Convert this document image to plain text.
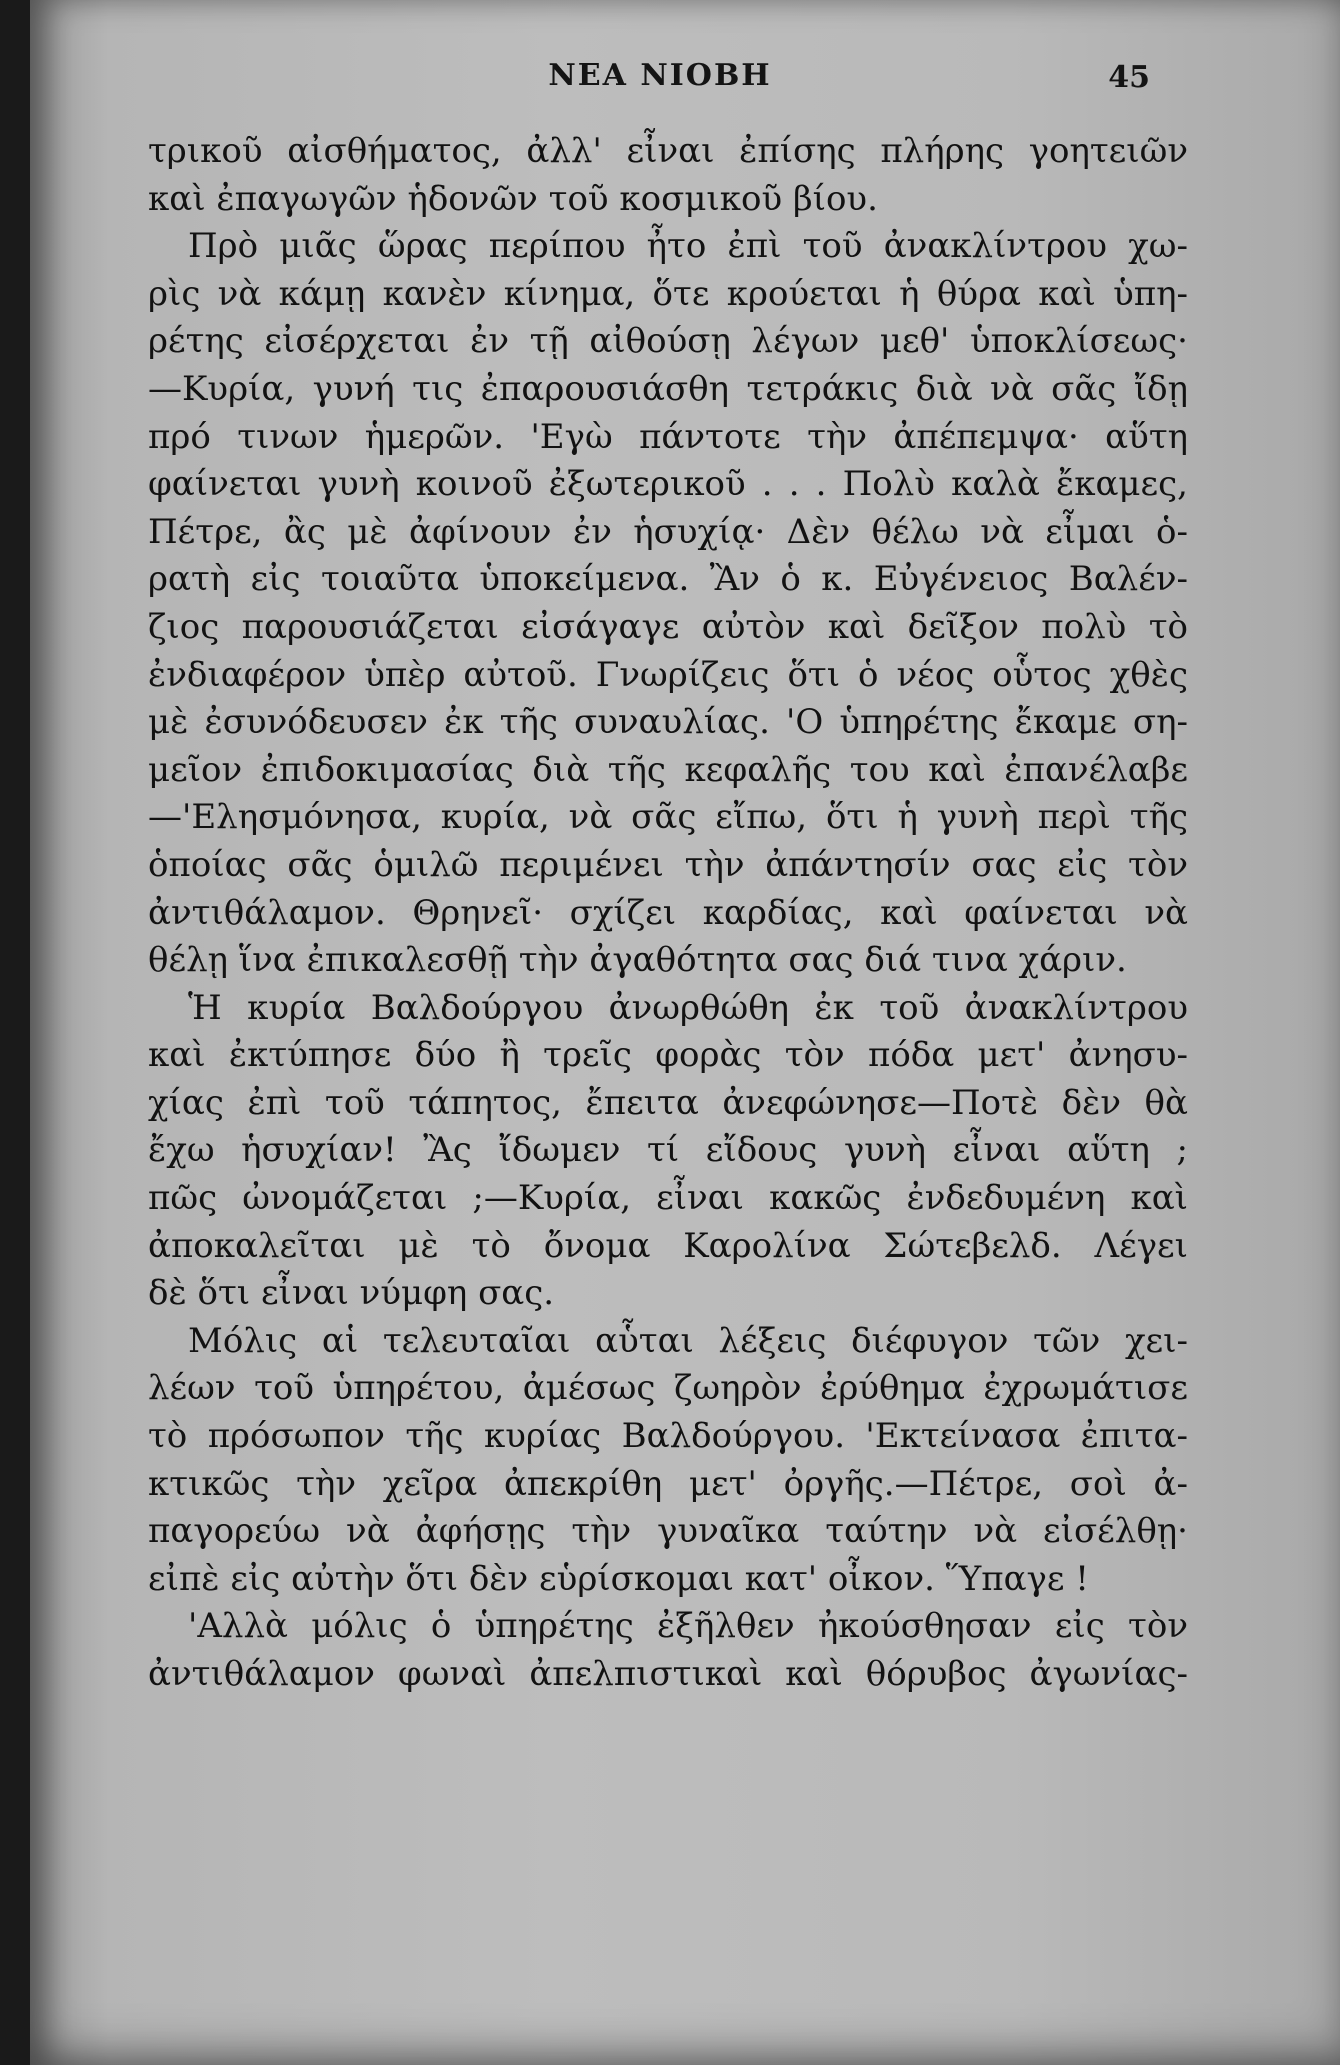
ΝΕΑ ΝΙΟΒΗ	45
τρικοῦ αἰσθήματος, ἀλλ' εἶναι ἐπίσης πλήρης γοητειῶν
καὶ ἐπαγωγῶν ἡδονῶν τοῦ κοσμικοῦ βίου.
Πρὸ μιᾶς ὥρας περίπου ἦτο ἐπὶ τοῦ ἀνακλίντρου χω-
ρὶς νὰ κάμῃ κανὲν κίνημα, ὅτε κρούεται ἡ θύρα καὶ ὑπη-
ρέτης εἰσέρχεται ἐν τῇ αἰθούσῃ λέγων μεθ' ὑποκλίσεως·
—Κυρία, γυνή τις ἐπαρουσιάσθη τετράκις διὰ νὰ σᾶς ἴδῃ
πρό τινων ἡμερῶν. 'Εγὼ πάντοτε τὴν ἀπέπεμψα· αὕτη
φαίνεται γυνὴ κοινοῦ ἐξωτερικοῦ . . . Πολὺ καλὰ ἔκαμες,
Πέτρε, ἂς μὲ ἀφίνουν ἐν ἡσυχίᾳ· Δὲν θέλω νὰ εἶμαι ὁ-
ρατὴ εἰς τοιαῦτα ὑποκείμενα. Ἂν ὁ κ. Εὐγένειος Βαλέν-
ζιος παρουσιάζεται εἰσάγαγε αὐτὸν καὶ δεῖξον πολὺ τὸ
ἐνδιαφέρον ὑπὲρ αὐτοῦ. Γνωρίζεις ὅτι ὁ νέος οὗτος χθὲς
μὲ ἐσυνόδευσεν ἐκ τῆς συναυλίας. 'Ο ὑπηρέτης ἔκαμε ση-
μεῖον ἐπιδοκιμασίας διὰ τῆς κεφαλῆς του καὶ ἐπανέλαβε
—'Ελησμόνησα, κυρία, νὰ σᾶς εἴπω, ὅτι ἡ γυνὴ περὶ τῆς
ὁποίας σᾶς ὁμιλῶ περιμένει τὴν ἀπάντησίν σας εἰς τὸν
ἀντιθάλαμον. Θρηνεῖ· σχίζει καρδίας, καὶ φαίνεται νὰ
θέλῃ ἵνα ἐπικαλεσθῇ τὴν ἀγαθότητα σας διά τινα χάριν.
Ἡ κυρία Βαλδούργου ἀνωρθώθη ἐκ τοῦ ἀνακλίντρου
καὶ ἐκτύπησε δύο ἢ τρεῖς φορὰς τὸν πόδα μετ' ἀνησυ-
χίας ἐπὶ τοῦ τάπητος, ἔπειτα ἀνεφώνησε—Ποτὲ δὲν θὰ
ἔχω ἡσυχίαν! Ἂς ἴδωμεν τί εἴδους γυνὴ εἶναι αὕτη ;
πῶς ὠνομάζεται ;—Κυρία, εἶναι κακῶς ἐνδεδυμένη καὶ
ἀποκαλεῖται μὲ τὸ ὄνομα Καρολίνα Σώτεβελδ. Λέγει
δὲ ὅτι εἶναι νύμφη σας.
Μόλις αἱ τελευταῖαι αὗται λέξεις διέφυγον τῶν χει-
λέων τοῦ ὑπηρέτου, ἀμέσως ζωηρὸν ἐρύθημα ἐχρωμάτισε
τὸ πρόσωπον τῆς κυρίας Βαλδούργου. 'Εκτείνασα ἐπιτα-
κτικῶς τὴν χεῖρα ἀπεκρίθη μετ' ὀργῆς.—Πέτρε, σοὶ ἀ-
παγορεύω νὰ ἀφήσῃς τὴν γυναῖκα ταύτην νὰ εἰσέλθῃ·
εἰπὲ εἰς αὐτὴν ὅτι δὲν εὑρίσκομαι κατ' οἶκον. Ὕπαγε !
'Αλλὰ μόλις ὁ ὑπηρέτης ἐξῆλθεν ἠκούσθησαν εἰς τὸν
ἀντιθάλαμον φωναὶ ἀπελπιστικαὶ καὶ θόρυβος ἀγωνίας-
